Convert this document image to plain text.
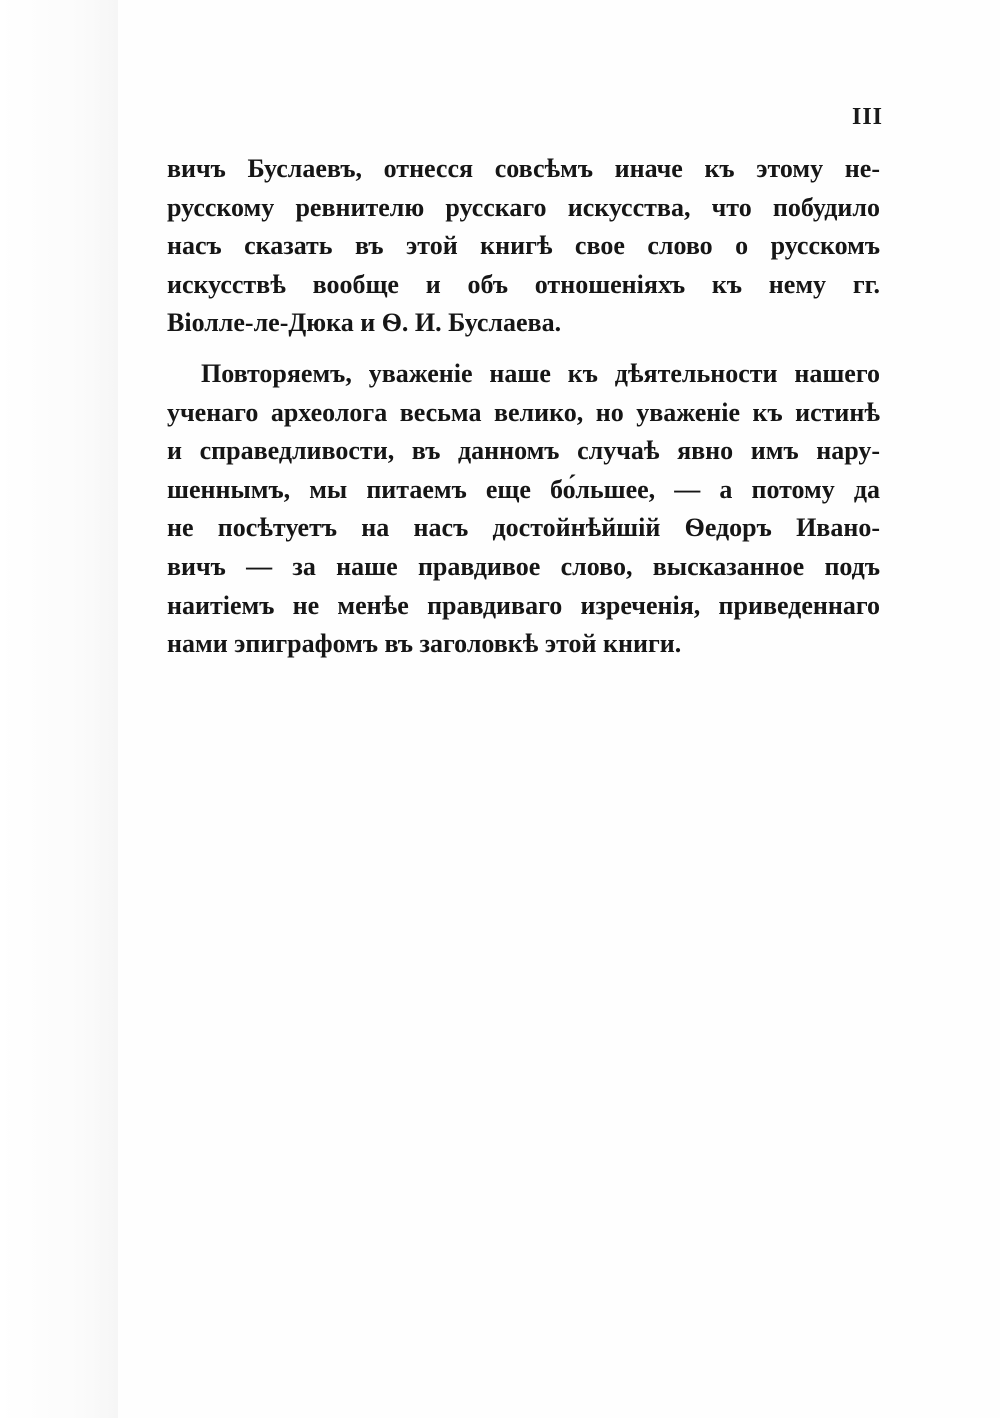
III
вичъ Буслаевъ, отнесся совсѣмъ иначе къ этому не-
русскому ревнителю русскаго искусства, что побудило
насъ сказать въ этой книгѣ свое слово о русскомъ
искусствѣ вообще и объ отношеніяхъ къ нему гг.
Віолле-ле-Дюка и Ѳ. И. Буслаева.
Повторяемъ, уваженіе наше къ дѣятельности нашего
ученаго археолога весьма велико, но уваженіе къ истинѣ
и справедливости, въ данномъ случаѣ явно имъ нару-
шеннымъ, мы питаемъ еще бо́льшее, — а потому да
не посѣтуетъ на насъ достойнѣйшій Ѳедоръ Ивано-
вичъ — за наше правдивое слово, высказанное подъ
наитіемъ не менѣе правдиваго изреченія, приведеннаго
нами эпиграфомъ въ заголовкѣ этой книги.
